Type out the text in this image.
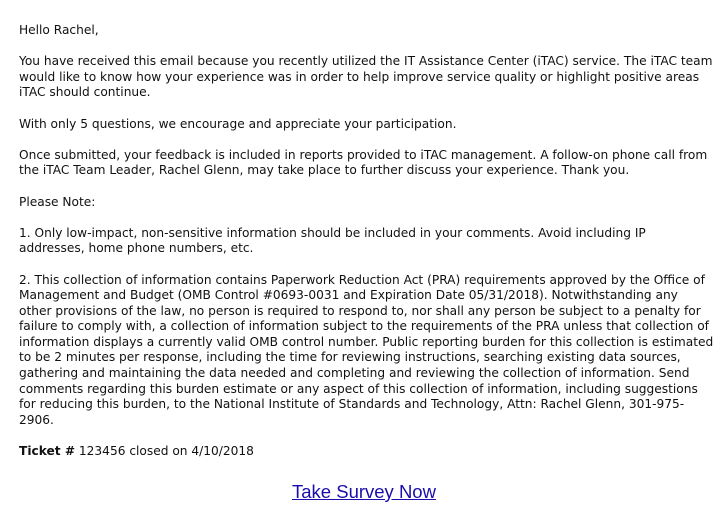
Hello Rachel,

You have received this email because you recently utilized the IT Assistance Center (iTAC) service. The iTAC team would like to know how your experience was in order to help improve service quality or highlight positive areas iTAC should continue.

With only 5 questions, we encourage and appreciate your participation.

Once submitted, your feedback is included in reports provided to iTAC management. A follow-on phone call from the iTAC Team Leader, Rachel Glenn, may take place to further discuss your experience. Thank you.

Please Note:

1. Only low-impact, non-sensitive information should be included in your comments. Avoid including IP addresses, home phone numbers, etc.

2. This collection of information contains Paperwork Reduction Act (PRA) requirements approved by the Office of Management and Budget (OMB Control #0693-0031 and Expiration Date 05/31/2018). Notwithstanding any other provisions of the law, no person is required to respond to, nor shall any person be subject to a penalty for failure to comply with, a collection of information subject to the requirements of the PRA unless that collection of information displays a currently valid OMB control number. Public reporting burden for this collection is estimated to be 2 minutes per response, including the time for reviewing instructions, searching existing data sources, gathering and maintaining the data needed and completing and reviewing the collection of information. Send comments regarding this burden estimate or any aspect of this collection of information, including suggestions for reducing this burden, to the National Institute of Standards and Technology, Attn: Rachel Glenn, 301-975-2906.

Ticket # 123456 closed on 4/10/2018

Take Survey Now
